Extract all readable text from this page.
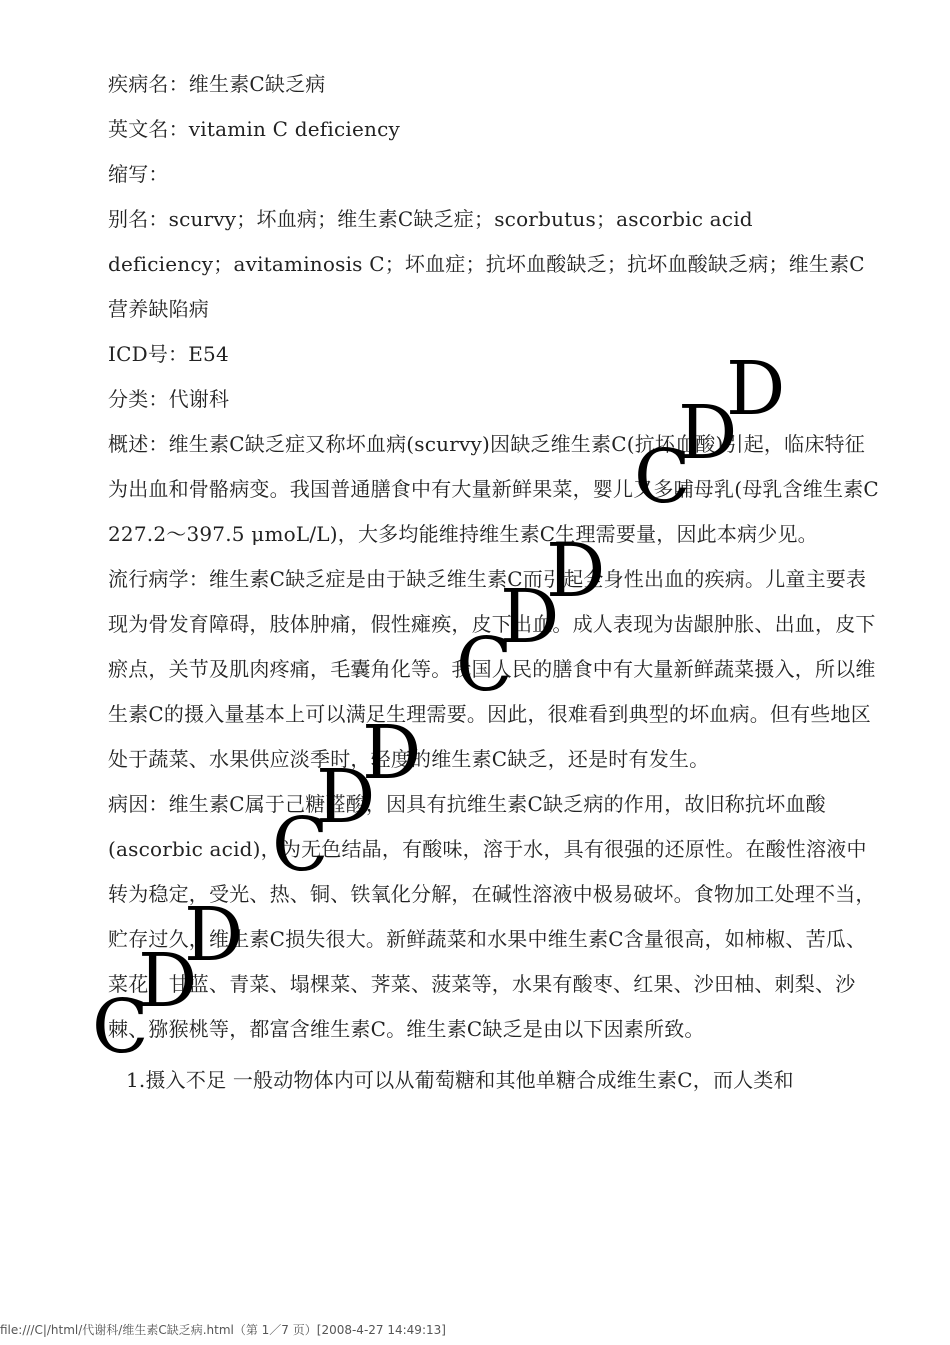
疾病名：维生素C缺乏病

英文名：vitamin C deficiency

缩写：

别名：scurvy；坏血病；维生素C缺乏症；scorbutus；ascorbic acid deficiency；avitaminosis C；坏血症；抗坏血酸缺乏；抗坏血酸缺乏病；维生素C营养缺陷病

ICD号：E54

分类：代谢科

概述：维生素C缺乏症又称坏血病(scurvy)因缺乏维生素C(抗坏血酸)引起，临床特征为出血和骨骼病变。我国普通膳食中有大量新鲜果菜，婴儿又多哺母乳(母乳含维生素C 227.2～397.5 μmoL/L)，大多均能维持维生素C生理需要量，因此本病少见。

流行病学：维生素C缺乏症是由于缺乏维生素C而引起全身性出血的疾病。儿童主要表现为骨发育障碍，肢体肿痛，假性瘫痪，皮下出血。成人表现为齿龈肿胀、出血，皮下瘀点，关节及肌肉疼痛，毛囊角化等。我国人民的膳食中有大量新鲜蔬菜摄入，所以维生素C的摄入量基本上可以满足生理需要。因此，很难看到典型的坏血病。但有些地区处于蔬菜、水果供应淡季时，轻度的维生素C缺乏，还是时有发生。

病因：维生素C属于己糖醛酸，因具有抗维生素C缺乏病的作用，故旧称抗坏血酸(ascorbic acid)，为无色结晶，有酸味，溶于水，具有很强的还原性。在酸性溶液中转为稳定，受光、热、铜、铁氧化分解，在碱性溶液中极易破坏。食物加工处理不当，贮存过久，维生素C损失很大。新鲜蔬菜和水果中维生素C含量很高，如柿椒、苦瓜、菜花、甘蓝、青菜、塌棵菜、荠菜、菠菜等，水果有酸枣、红果、沙田柚、刺梨、沙棘、猕猴桃等，都富含维生素C。维生素C缺乏是由以下因素所致。

1.摄入不足 一般动物体内可以从葡萄糖和其他单糖合成维生素C，而人类和

C
D
D
C
D
D
C
D
D
C
D
D
file:///C|/html/代谢科/维生素C缺乏病.html（第 1／7 页）[2008-4-27 14:49:13]
